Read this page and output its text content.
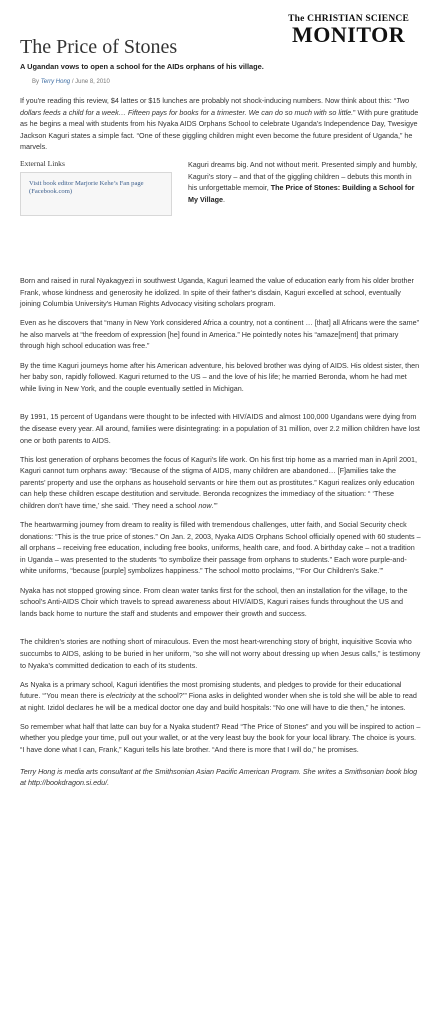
The CHRISTIAN SCIENCE
MONITOR
The Price of Stones

A Ugandan vows to open a school for the AIDs orphans of his village.

By Terry Hong / June 8, 2010

If you're reading this review, $4 lattes or $15 lunches are probably not shock-inducing numbers. Now think about this: “Two dollars feeds a child for a week… Fifteen pays for books for a trimester. We can do so much with so little.” With pure gratitude as he begins a meal with students from his Nyaka AIDS Orphans School to celebrate Uganda’s Independence Day, Twesigye Jackson Kaguri states a simple fact. “One of these giggling children might even become the future president of Uganda,” he marvels.

External Links
Visit book editor Marjorie Kehe’s Fan page (Facebook.com)
Kaguri dreams big. And not without merit. Presented simply and humbly, Kaguri’s story – and that of the giggling children – debuts this month in his unforgettable memoir, The Price of Stones: Building a School for My Village.

Born and raised in rural Nyakagyezi in southwest Uganda, Kaguri learned the value of education early from his older brother Frank, whose kindness and generosity he idolized. In spite of their father’s disdain, Kaguri excelled at school, eventually joining Columbia University’s Human Rights Advocacy visiting scholars program.

Even as he discovers that “many in New York considered Africa a country, not a continent … [that] all Africans were the same” he also marvels at “the freedom of expression [he] found in America.” He pointedly notes his “amaze[ment] that primary through high school education was free.”

By the time Kaguri journeys home after his American adventure, his beloved brother was dying of AIDS. His oldest sister, then her baby son, rapidly followed. Kaguri returned to the US – and the love of his life; he married Beronda, whom he had met while living in New York, and the couple eventually settled in Michigan.

By 1991, 15 percent of Ugandans were thought to be infected with HIV/AIDS and almost 100,000 Ugandans were dying from the disease every year. All around, families were disintegrating: in a population of 31 million, over 2.2 million children have lost one or both parents to AIDS.

This lost generation of orphans becomes the focus of Kaguri’s life work. On his first trip home as a married man in April 2001, Kaguri cannot turn orphans away: “Because of the stigma of AIDS, many children are abandoned… [F]amilies take the parents’ property and use the orphans as household servants or hire them out as prostitutes.” Kaguri realizes only education can help these children escape destitution and servitude. Beronda recognizes the immediacy of the situation: “ ‘These children don’t have time,’ she said. ‘They need a school now.’”

The heartwarming journey from dream to reality is filled with tremendous challenges, utter faith, and Social Security check donations: “This is the true price of stones.” On Jan. 2, 2003, Nyaka AIDS Orphans School officially opened with 60 students – all orphans – receiving free education, including free books, uniforms, health care, and food. A birthday cake – not a tradition in Uganda – was presented to the students “to symbolize their passage from orphans to students.” Each wore purple-and-white uniforms, “because [purple] symbolizes happiness.” The school motto proclaims, “‘For Our Children’s Sake.’”

Nyaka has not stopped growing since. From clean water tanks first for the school, then an installation for the village, to the school’s Anti-AIDS Choir which travels to spread awareness about HIV/AIDS, Kaguri raises funds throughout the US and lands back home to nurture the staff and students and empower their growth and success.

The children’s stories are nothing short of miraculous. Even the most heart-wrenching story of bright, inquisitive Scovia who succumbs to AIDS, asking to be buried in her uniform, “so she will not worry about dressing up when Jesus calls,” is testimony to Nyaka’s committed dedication to each of its students.

As Nyaka is a primary school, Kaguri identifies the most promising students, and pledges to provide for their educational future. “’You mean there is electricity at the school?’” Fiona asks in delighted wonder when she is told she will be able to read at night. Izidol declares he will be a medical doctor one day and build hospitals: “No one will have to die then,” he intones.

So remember what half that latte can buy for a Nyaka student? Read “The Price of Stones” and you will be inspired to action – whether you pledge your time, pull out your wallet, or at the very least buy the book for your local library. The choice is yours. “I have done what I can, Frank,” Kaguri tells his late brother. “And there is more that I will do,” he promises.

Terry Hong is media arts consultant at the Smithsonian Asian Pacific American Program. She writes a Smithsonian book blog at http://bookdragon.si.edu/.
